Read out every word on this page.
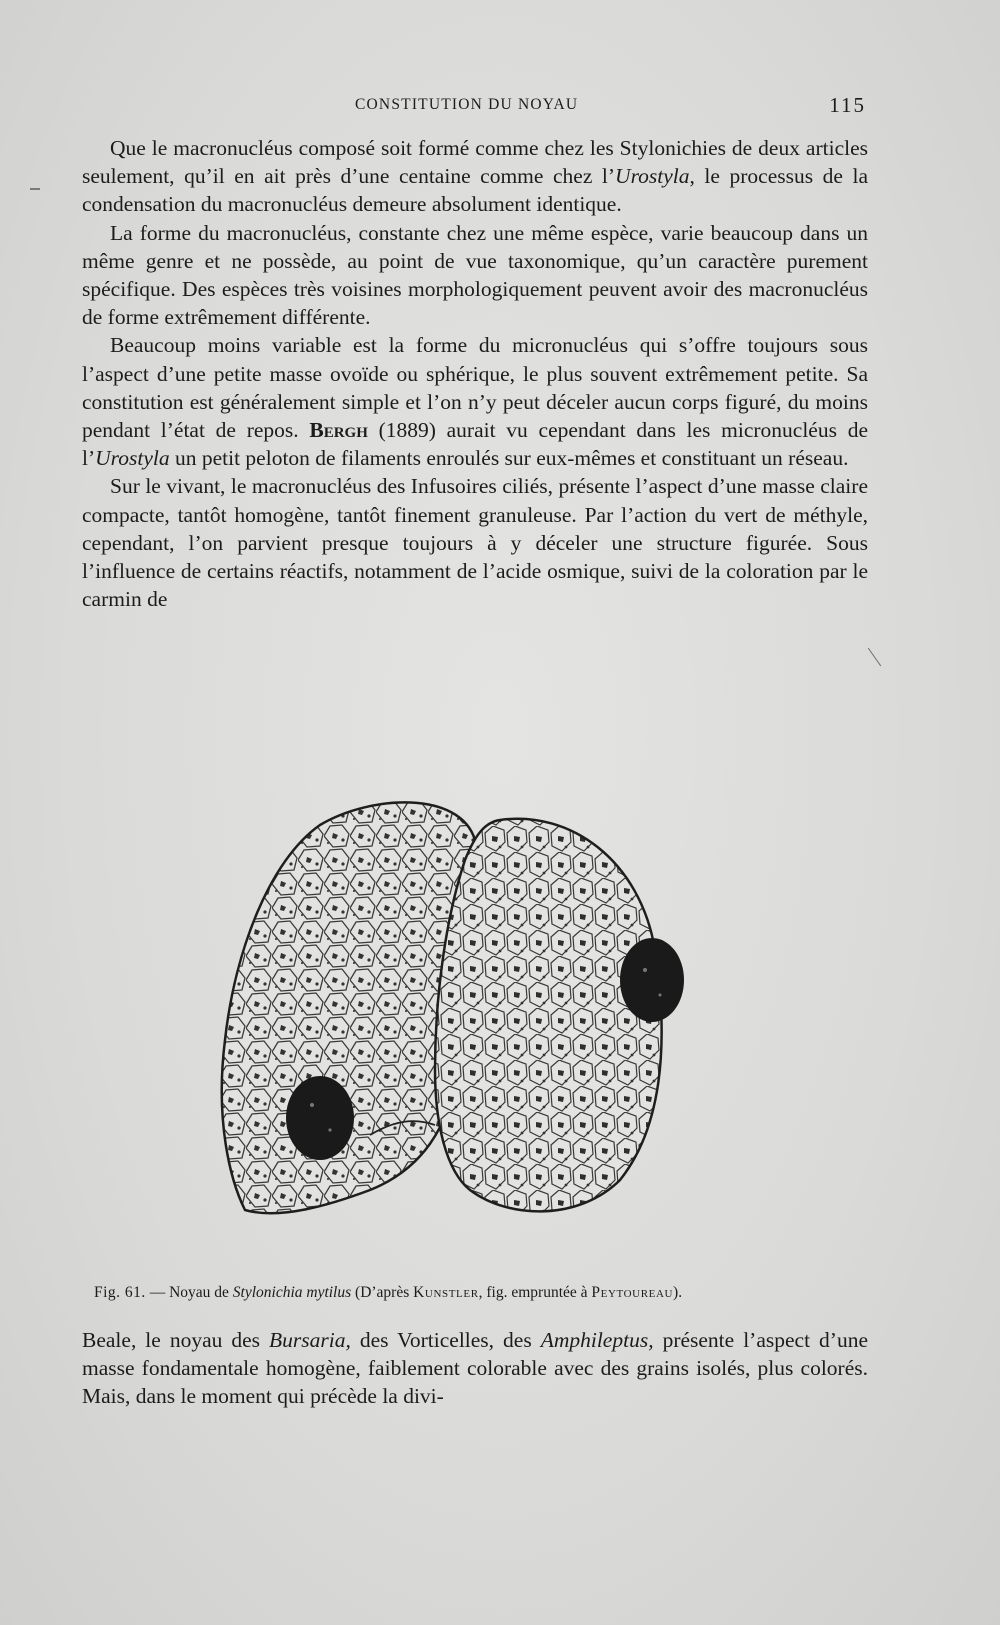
CONSTITUTION DU NOYAU	115

Que le macronucléus composé soit formé comme chez les Stylonichies de deux articles seulement, qu’il en ait près d’une centaine comme chez l’Urostyla, le processus de la condensation du macronucléus demeure absolument identique.

La forme du macronucléus, constante chez une même espèce, varie beaucoup dans un même genre et ne possède, au point de vue taxonomique, qu’un caractère purement spécifique. Des espèces très voisines morphologiquement peuvent avoir des macronucléus de forme extrêmement différente.

Beaucoup moins variable est la forme du micronucléus qui s’offre toujours sous l’aspect d’une petite masse ovoïde ou sphérique, le plus souvent extrêmement petite. Sa constitution est généralement simple et l’on n’y peut déceler aucun corps figuré, du moins pendant l’état de repos. Bergh (1889) aurait vu cependant dans les micronucléus de l’Urostyla un petit peloton de filaments enroulés sur eux-mêmes et constituant un réseau.

Sur le vivant, le macronucléus des Infusoires ciliés, présente l’aspect d’une masse claire compacte, tantôt homogène, tantôt finement granuleuse. Par l’action du vert de méthyle, cependant, l’on parvient presque toujours à y déceler une structure figurée. Sous l’influence de certains réactifs, notamment de l’acide osmique, suivi de la coloration par le carmin de

Fig. 61. — Noyau de Stylonichia mytilus (D’après Kunstler, fig. empruntée à Peytoureau).

Beale, le noyau des Bursaria, des Vorticelles, des Amphileptus, présente l’aspect d’une masse fondamentale homogène, faiblement colorable avec des grains isolés, plus colorés. Mais, dans le moment qui précède la divi-
